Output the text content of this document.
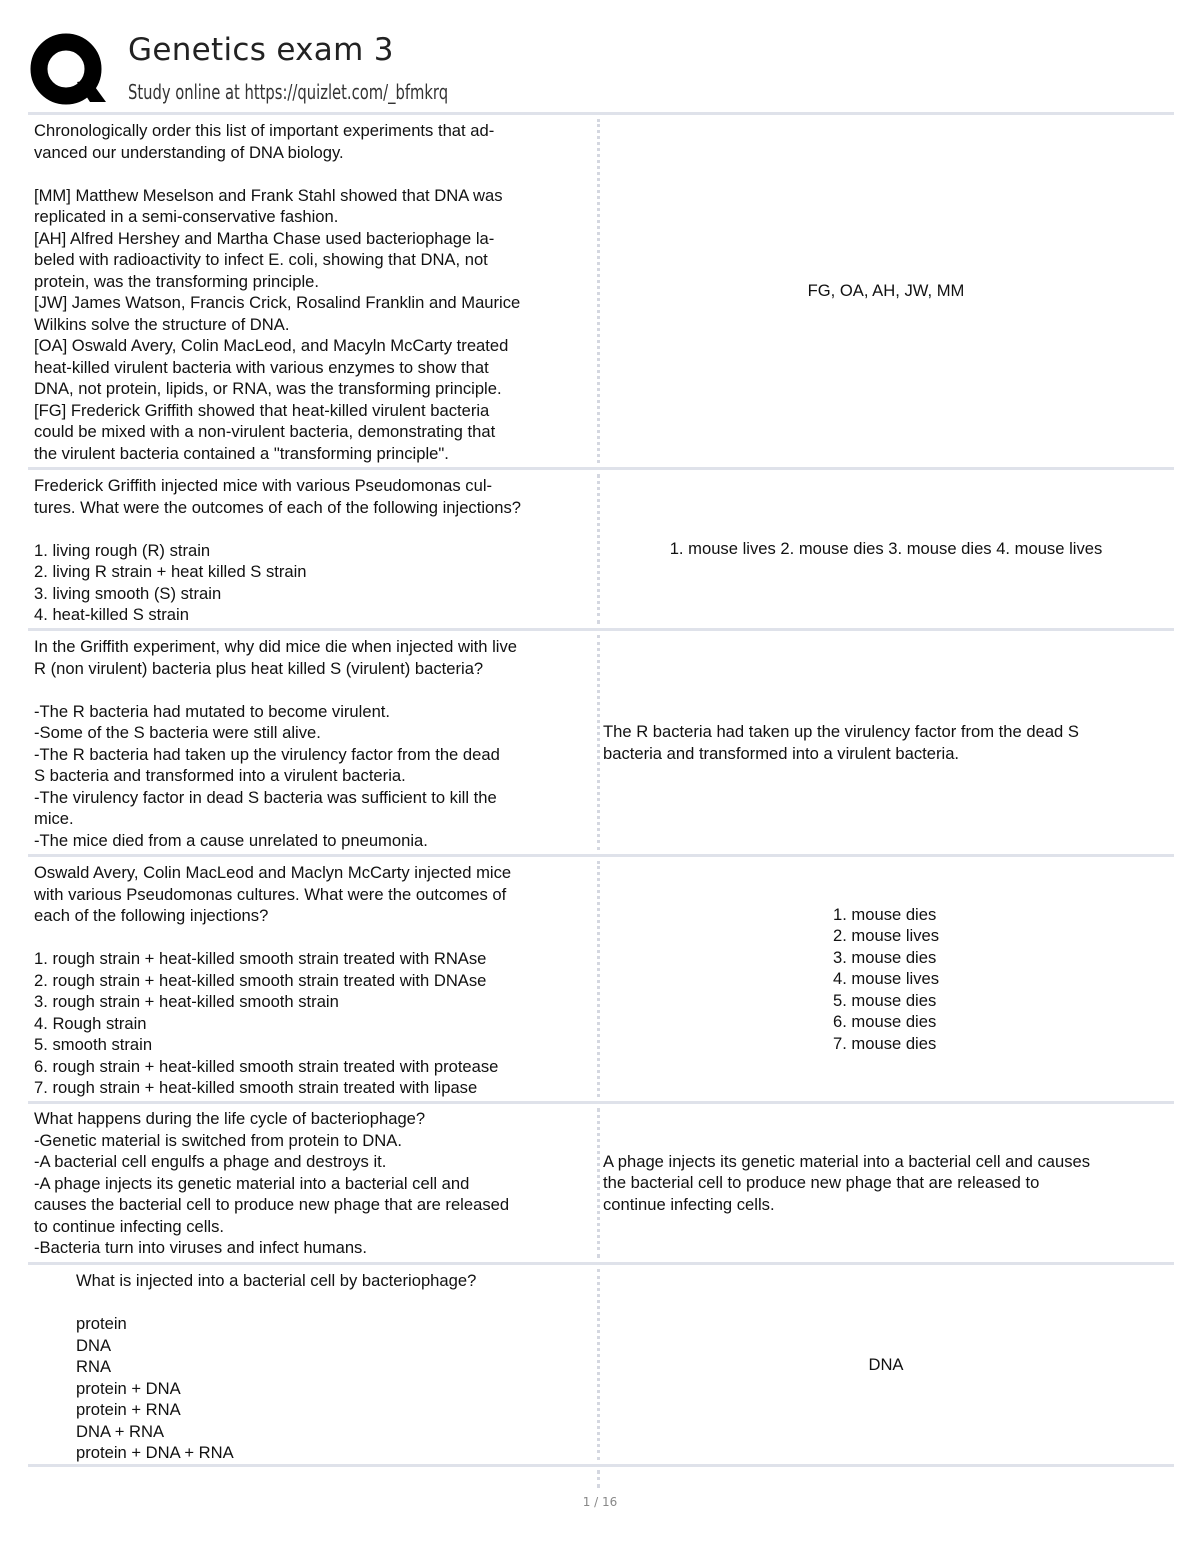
Genetics exam 3
Study online at https://quizlet.com/_bfmkrq
Chronologically order this list of important experiments that ad-
vanced our understanding of DNA biology.

[MM] Matthew Meselson and Frank Stahl showed that DNA was
replicated in a semi-conservative fashion.
[AH] Alfred Hershey and Martha Chase used bacteriophage la-
beled with radioactivity to infect E. coli, showing that DNA, not
protein, was the transforming principle.
[JW] James Watson, Francis Crick, Rosalind Franklin and Maurice
Wilkins solve the structure of DNA.
[OA] Oswald Avery, Colin MacLeod, and Macyln McCarty treated
heat-killed virulent bacteria with various enzymes to show that
DNA, not protein, lipids, or RNA, was the transforming principle.
[FG] Frederick Griffith showed that heat-killed virulent bacteria
could be mixed with a non-virulent bacteria, demonstrating that
the virulent bacteria contained a "transforming principle".
FG, OA, AH, JW, MM
Frederick Griffith injected mice with various Pseudomonas cul-
tures. What were the outcomes of each of the following injections?

1. living rough (R) strain
2. living R strain + heat killed S strain
3. living smooth (S) strain
4. heat-killed S strain
1. mouse lives 2. mouse dies 3. mouse dies 4. mouse lives
In the Griffith experiment, why did mice die when injected with live
R (non virulent) bacteria plus heat killed S (virulent) bacteria?

-The R bacteria had mutated to become virulent.
-Some of the S bacteria were still alive.
-The R bacteria had taken up the virulency factor from the dead
S bacteria and transformed into a virulent bacteria.
-The virulency factor in dead S bacteria was sufficient to kill the
mice.
-The mice died from a cause unrelated to pneumonia.
The R bacteria had taken up the virulency factor from the dead S
bacteria and transformed into a virulent bacteria.
Oswald Avery, Colin MacLeod and Maclyn McCarty injected mice
with various Pseudomonas cultures. What were the outcomes of
each of the following injections?

1. rough strain + heat-killed smooth strain treated with RNAse
2. rough strain + heat-killed smooth strain treated with DNAse
3. rough strain + heat-killed smooth strain
4. Rough strain
5. smooth strain
6. rough strain + heat-killed smooth strain treated with protease
7. rough strain + heat-killed smooth strain treated with lipase
1. mouse dies
2. mouse lives
3. mouse dies
4. mouse lives
5. mouse dies
6. mouse dies
7. mouse dies
What happens during the life cycle of bacteriophage?
-Genetic material is switched from protein to DNA.
-A bacterial cell engulfs a phage and destroys it.
-A phage injects its genetic material into a bacterial cell and
causes the bacterial cell to produce new phage that are released
to continue infecting cells.
-Bacteria turn into viruses and infect humans.
A phage injects its genetic material into a bacterial cell and causes
the bacterial cell to produce new phage that are released to
continue infecting cells.
What is injected into a bacterial cell by bacteriophage?

protein
DNA
RNA
protein + DNA
protein + RNA
DNA + RNA
protein + DNA + RNA
DNA
1 / 16
